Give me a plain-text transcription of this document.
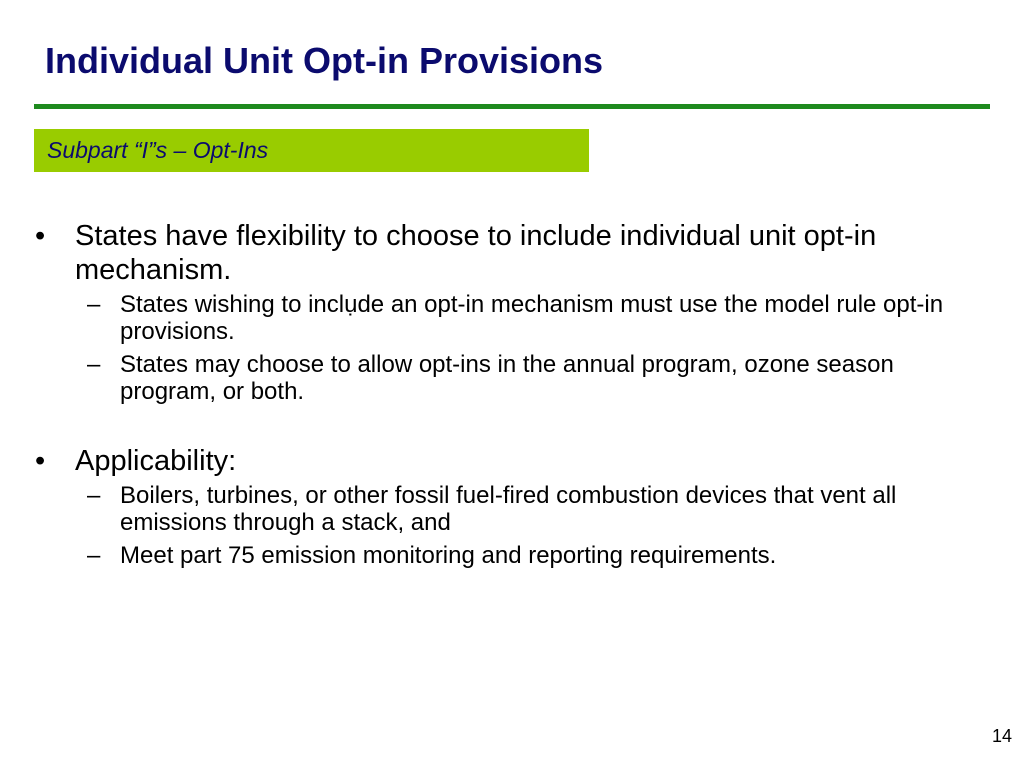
Individual Unit Opt-in Provisions
Subpart “I”s – Opt-Ins
• States have flexibility to choose to include individual unit opt-in mechanism.
– States wishing to inclụde an opt-in mechanism must use the model rule opt-in provisions.
– States may choose to allow opt-ins in the annual program, ozone season program, or both.
• Applicability:
– Boilers, turbines, or other fossil fuel-fired combustion devices that vent all emissions through a stack, and
– Meet part 75 emission monitoring and reporting requirements.
14
